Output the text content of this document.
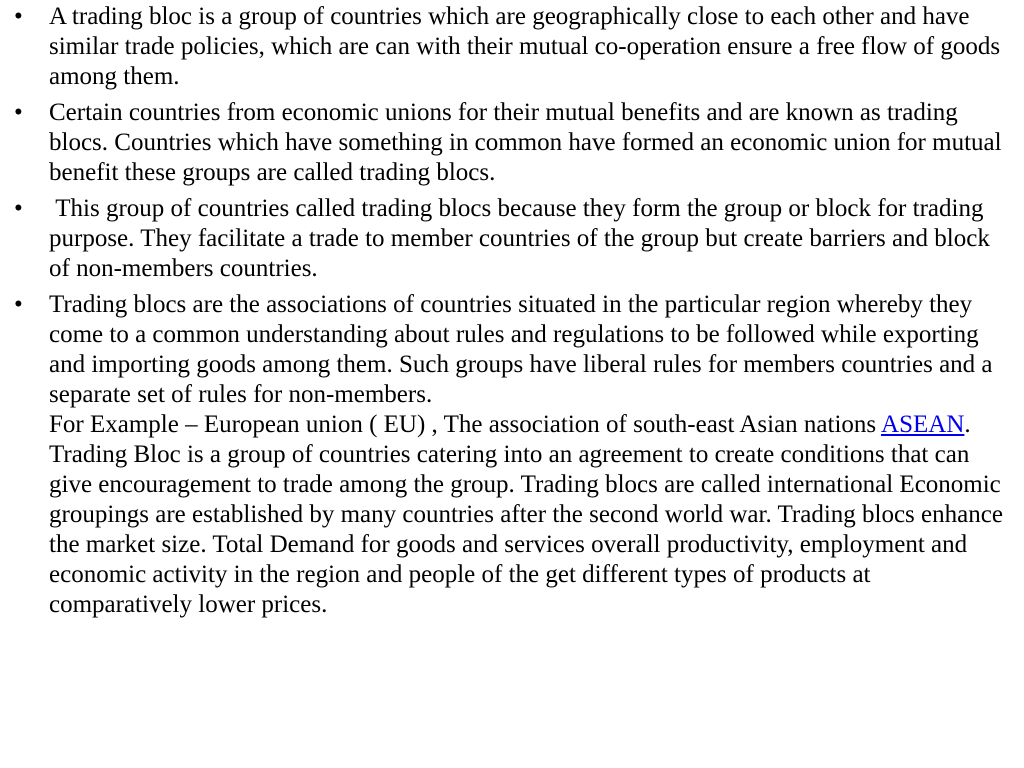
•	A trading bloc is a group of countries which are geographically close to each other and have similar trade policies, which are can with their mutual co-operation ensure a free flow of goods among them.
•	Certain countries from economic unions for their mutual benefits and are known as trading blocs. Countries which have something in common have formed an economic union for mutual benefit these groups are called trading blocs.
•	This group of countries called trading blocs because they form the group or block for trading purpose. They facilitate a trade to member countries of the group but create barriers and block of non-members countries.
•	Trading blocs are the associations of countries situated in the particular region whereby they come to a common understanding about rules and regulations to be followed while exporting and importing goods among them. Such groups have liberal rules for members countries and a separate set of rules for non-members.
For Example – European union ( EU) , The association of south-east Asian nations ASEAN. Trading Bloc is a group of countries catering into an agreement to create conditions that can give encouragement to trade among the group. Trading blocs are called international Economic groupings are established by many countries after the second world war. Trading blocs enhance the market size. Total Demand for goods and services overall productivity, employment and economic activity in the region and people of the get different types of products at comparatively lower prices.
